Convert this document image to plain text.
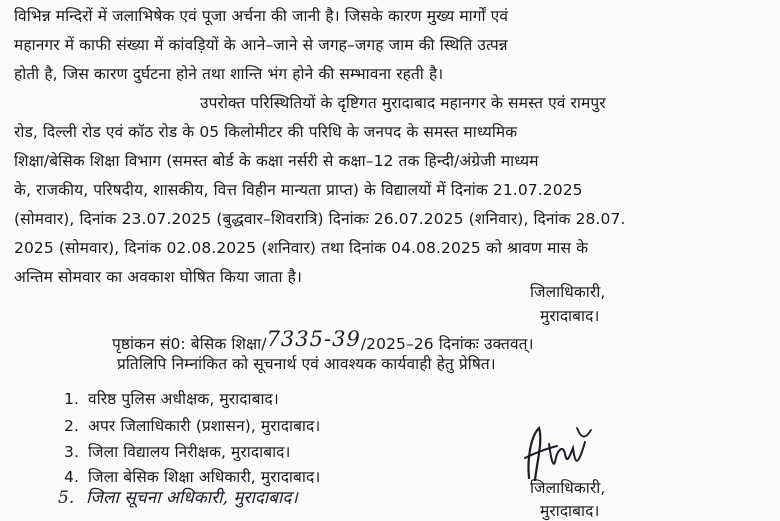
विभिन्न मन्दिरों में जलाभिषेक एवं पूजा अर्चना की जानी है। जिसके कारण मुख्य मार्गों एवं
महानगर में काफी संख्या में कांवड़ियों के आने–जाने से जगह–जगह जाम की स्थिति उत्पन्न
होती है, जिस कारण दुर्घटना होने तथा शान्ति भंग होने की सम्भावना रहती है।
उपरोक्त परिस्थितियों के दृष्टिगत मुरादाबाद महानगर के समस्त एवं रामपुर
रोड, दिल्ली रोड एवं कॉठ रोड के 05 किलोमीटर की परिधि के जनपद के समस्त माध्यमिक
शिक्षा/बेसिक शिक्षा विभाग (समस्त बोर्ड के कक्षा नर्सरी से कक्षा–12 तक हिन्दी/अंग्रेजी माध्यम
के, राजकीय, परिषदीय, शासकीय, वित्त विहीन मान्यता प्राप्त) के विद्यालयों में दिनांक 21.07.2025
(सोमवार), दिनांक 23.07.2025 (बुद्धवार–शिवरात्रि) दिनांकः 26.07.2025 (शनिवार), दिनांक 28.07.
2025 (सोमवार), दिनांक 02.08.2025 (शनिवार) तथा दिनांक 04.08.2025 को श्रावण मास के
अन्तिम सोमवार का अवकाश घोषित किया जाता है।
जिलाधिकारी,
मुरादाबाद।
पृष्ठांकन सं0: बेसिक शिक्षा/7335-39/2025–26 दिनांकः उक्तवत्।
प्रतिलिपि निम्नांकित को सूचनार्थ एवं आवश्यक कार्यवाही हेतु प्रेषित।
1. वरिष्ठ पुलिस अधीक्षक, मुरादाबाद।
2. अपर जिलाधिकारी (प्रशासन), मुरादाबाद।
3. जिला विद्यालय निरीक्षक, मुरादाबाद।
4. जिला बेसिक शिक्षा अधिकारी, मुरादाबाद।
5. जिला सूचना अधिकारी, मुरादाबाद।	जिलाधिकारी,
मुरादाबाद।
